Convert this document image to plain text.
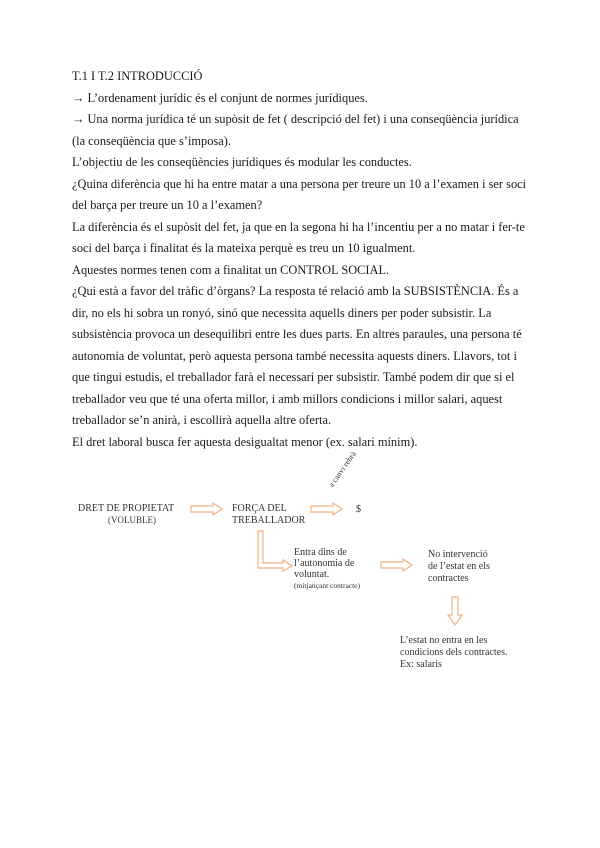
T.1 I T.2 INTRODUCCIÓ

→ L’ordenament jurídic és el conjunt de normes jurídiques.

→ Una norma jurídica té un supòsit de fet ( descripció del fet) i una conseqüència jurídica (la conseqüència que s’imposa).

L’objectiu de les conseqüències jurídiques és modular les conductes.

¿Quina diferència que hi ha entre matar a una persona per treure un 10 a l’examen i ser soci del barça per treure un 10 a l’examen?

La diferència és el supòsit del fet, ja que en la segona hi ha l’incentiu per a no matar i fer-te soci del barça i finalitat és la mateixa perquè es treu un 10 igualment.

Aquestes normes tenen com a finalitat un CONTROL SOCIAL.

¿Qui està a favor del tràfic d’òrgans? La resposta té relació amb la SUBSISTÈNCIA. És a dir, no els hi sobra un ronyó, sinó que necessita aquells diners per poder subsistir. La subsistència provoca un desequilibri entre les dues parts. En altres paraules, una persona té autonomia de voluntat, però aquesta persona també necessita aquests diners. Llavors, tot i que tingui estudis, el treballador farà el necessari per subsistir. També podem dir que si el treballador veu que té una oferta millor, i amb millors condicions i millor salari, aquest treballador se’n anirà, i escollirà aquella altre oferta.

El dret laboral busca fer aquesta desigualtat menor (ex. salari mínim).

DRET DE PROPIETAT
(VOLUBLE)
FORÇA DEL
TREBALLADOR
a canvi rebrà
$
Entra dins de
l’autonomia de
voluntat.
(mitjançant contracte)
No intervenció
de l’estat en els
contractes
L’estat no entra en les
condicions dels contractes.
Ex: salaris
